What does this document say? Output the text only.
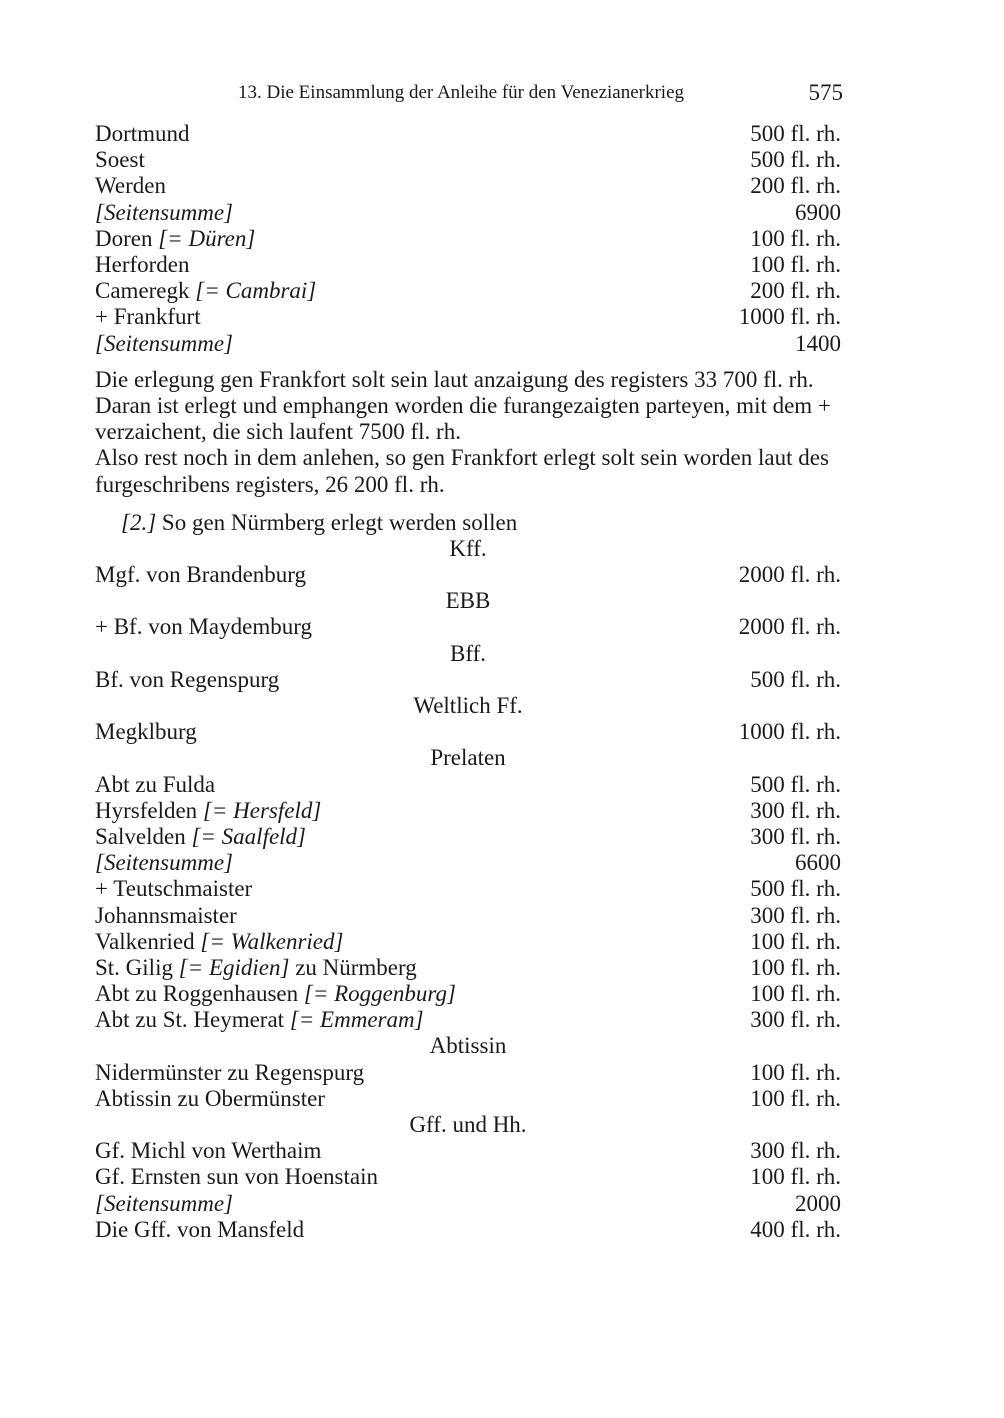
13. Die Einsammlung der Anleihe für den Venezianerkrieg	575
Dortmund	500 fl. rh.
Soest	500 fl. rh.
Werden	200 fl. rh.
[Seitensumme]	6900
Doren [= Düren]	100 fl. rh.
Herforden	100 fl. rh.
Cameregk [= Cambrai]	200 fl. rh.
+ Frankfurt	1000 fl. rh.
[Seitensumme]	1400

Die erlegung gen Frankfort solt sein laut anzaigung des registers 33 700 fl. rh.

Daran ist erlegt und emphangen worden die furangezaigten parteyen, mit dem + verzaichent, die sich laufent 7500 fl. rh.

Also rest noch in dem anlehen, so gen Frankfort erlegt solt sein worden laut des furgeschribens registers, 26 200 fl. rh.

[2.] So gen Nürmberg erlegt werden sollen
Kff.
Mgf. von Brandenburg	2000 fl. rh.
EBB
+ Bf. von Maydemburg	2000 fl. rh.
Bff.
Bf. von Regenspurg	500 fl. rh.
Weltlich Ff.
Megklburg	1000 fl. rh.
Prelaten
Abt zu Fulda	500 fl. rh.
Hyrsfelden [= Hersfeld]	300 fl. rh.
Salvelden [= Saalfeld]	300 fl. rh.
[Seitensumme]	6600
+ Teutschmaister	500 fl. rh.
Johannsmaister	300 fl. rh.
Valkenried [= Walkenried]	100 fl. rh.
St. Gilig [= Egidien] zu Nürmberg	100 fl. rh.
Abt zu Roggenhausen [= Roggenburg]	100 fl. rh.
Abt zu St. Heymerat [= Emmeram]	300 fl. rh.
Abtissin
Nidermünster zu Regenspurg	100 fl. rh.
Abtissin zu Obermünster	100 fl. rh.
Gff. und Hh.
Gf. Michl von Werthaim	300 fl. rh.
Gf. Ernsten sun von Hoenstain	100 fl. rh.
[Seitensumme]	2000
Die Gff. von Mansfeld	400 fl. rh.
